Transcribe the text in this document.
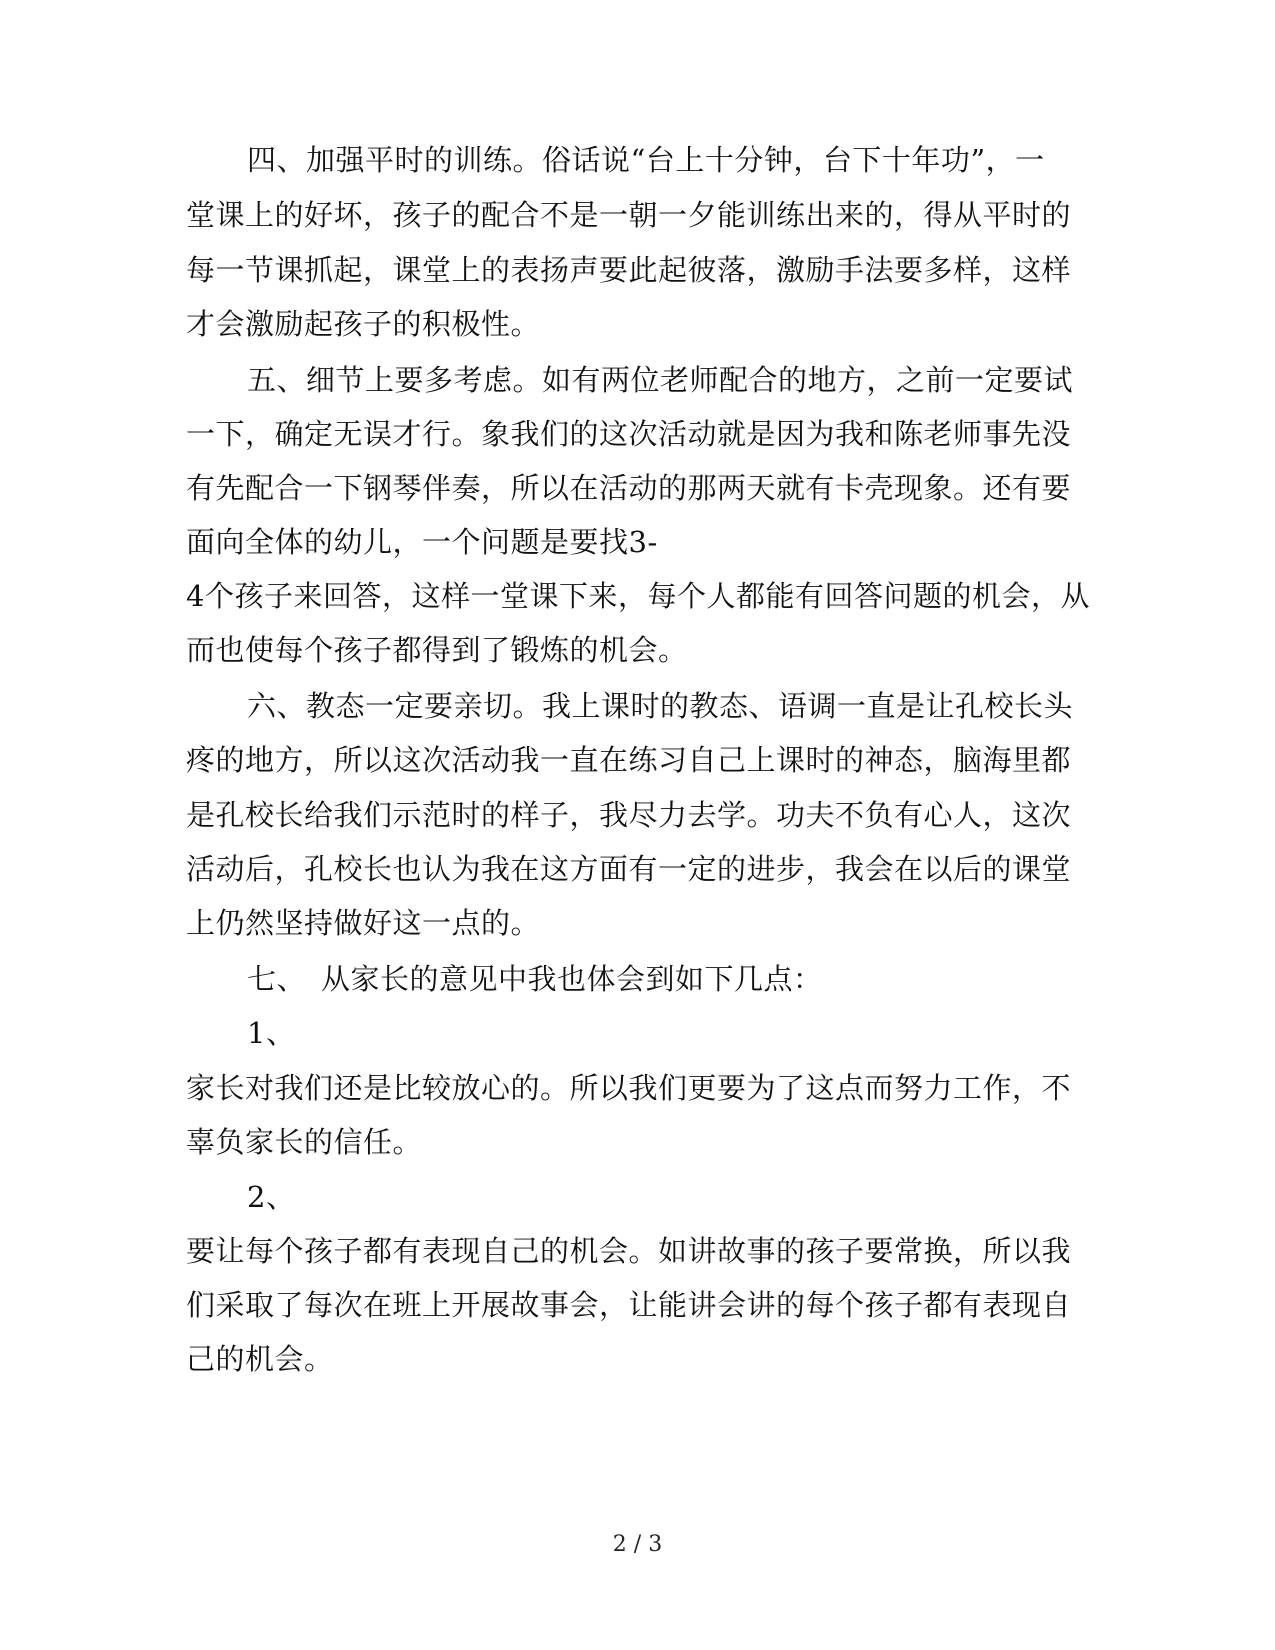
四、加强平时的训练。俗话说“台上十分钟，台下十年功”，一
堂课上的好坏，孩子的配合不是一朝一夕能训练出来的，得从平时的
每一节课抓起，课堂上的表扬声要此起彼落，激励手法要多样，这样
才会激励起孩子的积极性。
五、细节上要多考虑。如有两位老师配合的地方，之前一定要试
一下，确定无误才行。象我们的这次活动就是因为我和陈老师事先没
有先配合一下钢琴伴奏，所以在活动的那两天就有卡壳现象。还有要
面向全体的幼儿，一个问题是要找3-
4个孩子来回答，这样一堂课下来，每个人都能有回答问题的机会，从
而也使每个孩子都得到了锻炼的机会。
六、教态一定要亲切。我上课时的教态、语调一直是让孔校长头
疼的地方，所以这次活动我一直在练习自己上课时的神态，脑海里都
是孔校长给我们示范时的样子，我尽力去学。功夫不负有心人，这次
活动后，孔校长也认为我在这方面有一定的进步，我会在以后的课堂
上仍然坚持做好这一点的。
七、　从家长的意见中我也体会到如下几点：
1、
家长对我们还是比较放心的。所以我们更要为了这点而努力工作，不
辜负家长的信任。
2、
要让每个孩子都有表现自己的机会。如讲故事的孩子要常换，所以我
们采取了每次在班上开展故事会，让能讲会讲的每个孩子都有表现自
己的机会。
2 / 3
